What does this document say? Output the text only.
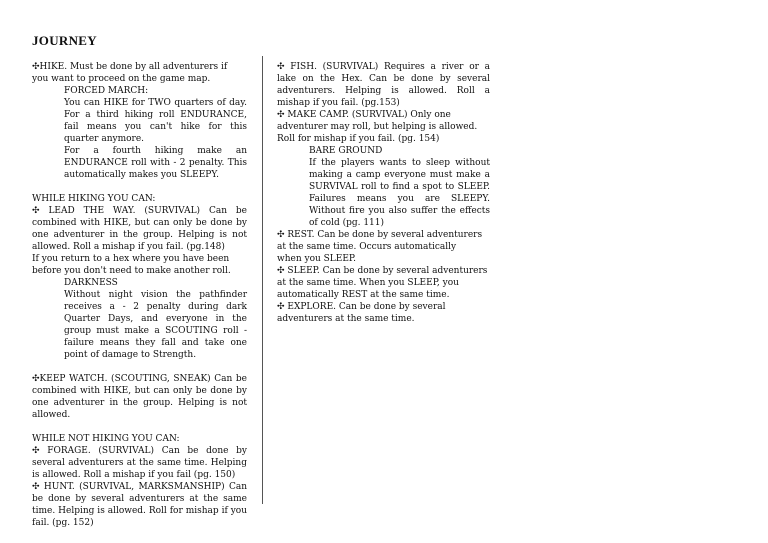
JOURNEY

✣HIKE. Must be done by all adventurers if

you want to proceed on the game map.

FORCED MARCH:

You can HIKE for TWO quarters of day. For a third hiking roll ENDURANCE, fail means you can't hike for this quarter anymore.

For a fourth hiking make an ENDURANCE roll with - 2 penalty. This automatically makes you SLEEPY.

WHILE HIKING YOU CAN:

✣ LEAD THE WAY. (SURVIVAL) Can be combined with HIKE, but can only be done by one adventurer in the group. Helping is not allowed. Roll a mishap if you fail. (pg.148)

If you return to a hex where you have been before you don't need to make another roll.

DARKNESS

Without night vision the pathfinder receives a - 2 penalty during dark Quarter Days, and everyone in the group must make a SCOUTING roll - failure means they fall and take one point of damage to Strength.

✣KEEP WATCH. (SCOUTING, SNEAK) Can be combined with HIKE, but can only be done by one adventurer in the group. Helping is not allowed.

WHILE NOT HIKING YOU CAN:

✣ FORAGE. (SURVIVAL) Can be done by several adventurers at the same time. Helping is allowed. Roll a mishap if you fail (pg. 150)

✣ HUNT. (SURVIVAL, MARKSMANSHIP) Can be done by several adventurers at the same time. Helping is allowed. Roll for mishap if you fail. (pg. 152)

✣ FISH. (SURVIVAL) Requires a river or a lake on the Hex. Can be done by several adventurers. Helping is allowed. Roll a mishap if you fail. (pg.153)

✣ MAKE CAMP. (SURVIVAL) Only one adventurer may roll, but helping is allowed. Roll for mishap if you fail. (pg. 154)

BARE GROUND

If the players wants to sleep without making a camp everyone must make a SURVIVAL roll to find a spot to SLEEP. Failures means you are SLEEPY. Without fire you also suffer the effects of cold (pg. 111)

✣ REST. Can be done by several adventurers

at the same time. Occurs automatically

when you SLEEP.

✣ SLEEP. Can be done by several adventurers

at the same time. When you SLEEP, you

automatically REST at the same time.

✣ EXPLORE. Can be done by several adventurers at the same time.
